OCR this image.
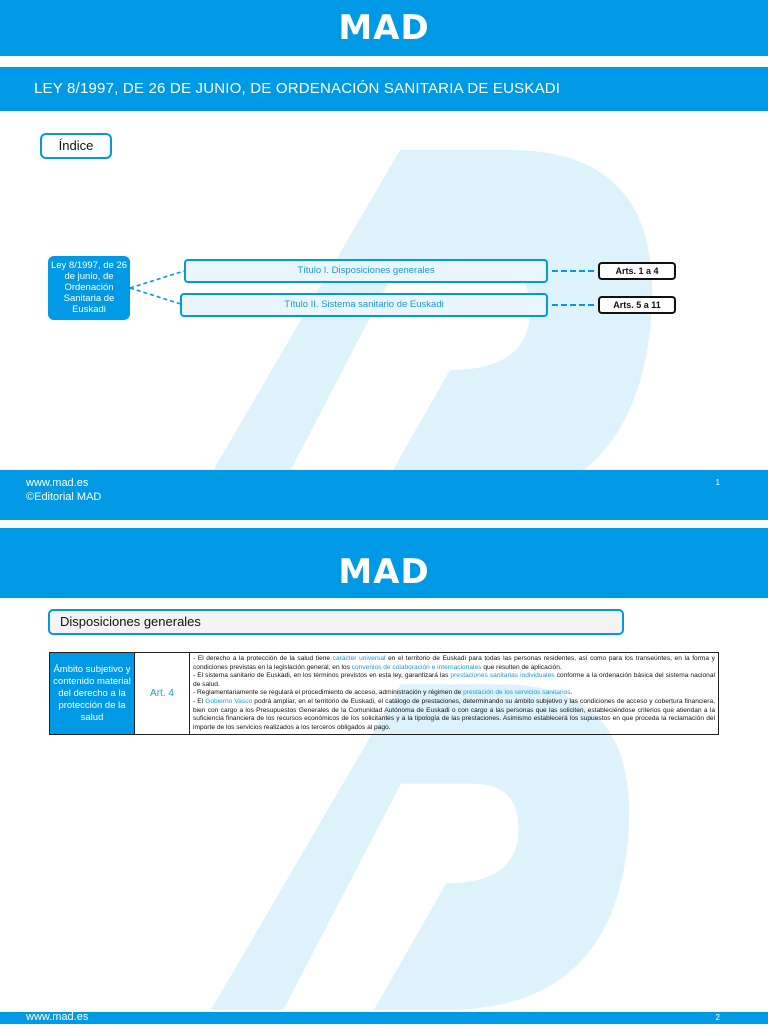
MAD
LEY 8/1997, DE 26 DE JUNIO, DE ORDENACIÓN SANITARIA DE EUSKADI
Índice
Ley 8/1997, de 26 de junio, de Ordenación Sanitaria de Euskadi
Título I. Disposiciones generales	Arts. 1 a 4
Título II. Sistema sanitario de Euskadi	Arts. 5 a 11
www.mad.es
©Editorial MAD
1
MAD
www.mad.es	2
Disposiciones generales
Ámbito subjetivo y contenido material del derecho a la protección de la salud	Art. 4	- El derecho a la protección de la salud tiene carácter universal en el territorio de Euskadi para todas las personas residentes, así como para los transeúntes, en la forma y condiciones previstas en la legislación general, en los convenios de colaboración e internacionales que resulten de aplicación.
- El sistema sanitario de Euskadi, en los términos previstos en esta ley, garantizará las prestaciones sanitarias individuales conforme a la ordenación básica del sistema nacional de salud.
- Reglamentariamente se regulará el procedimiento de acceso, administración y régimen de prestación de los servicios sanitarios.
- El Gobierno Vasco podrá ampliar, en el territorio de Euskadi, el catálogo de prestaciones, determinando su ámbito subjetivo y las condiciones de acceso y cobertura financiera, bien con cargo a los Presupuestos Generales de la Comunidad Autónoma de Euskadi o con cargo a las personas que las soliciten, estableciéndose criterios que atiendan a la suficiencia financiera de los recursos económicos de los solicitantes y a la tipología de las prestaciones. Asimismo establecerá los supuestos en que proceda la reclamación del importe de los servicios realizados a los terceros obligados al pago.
